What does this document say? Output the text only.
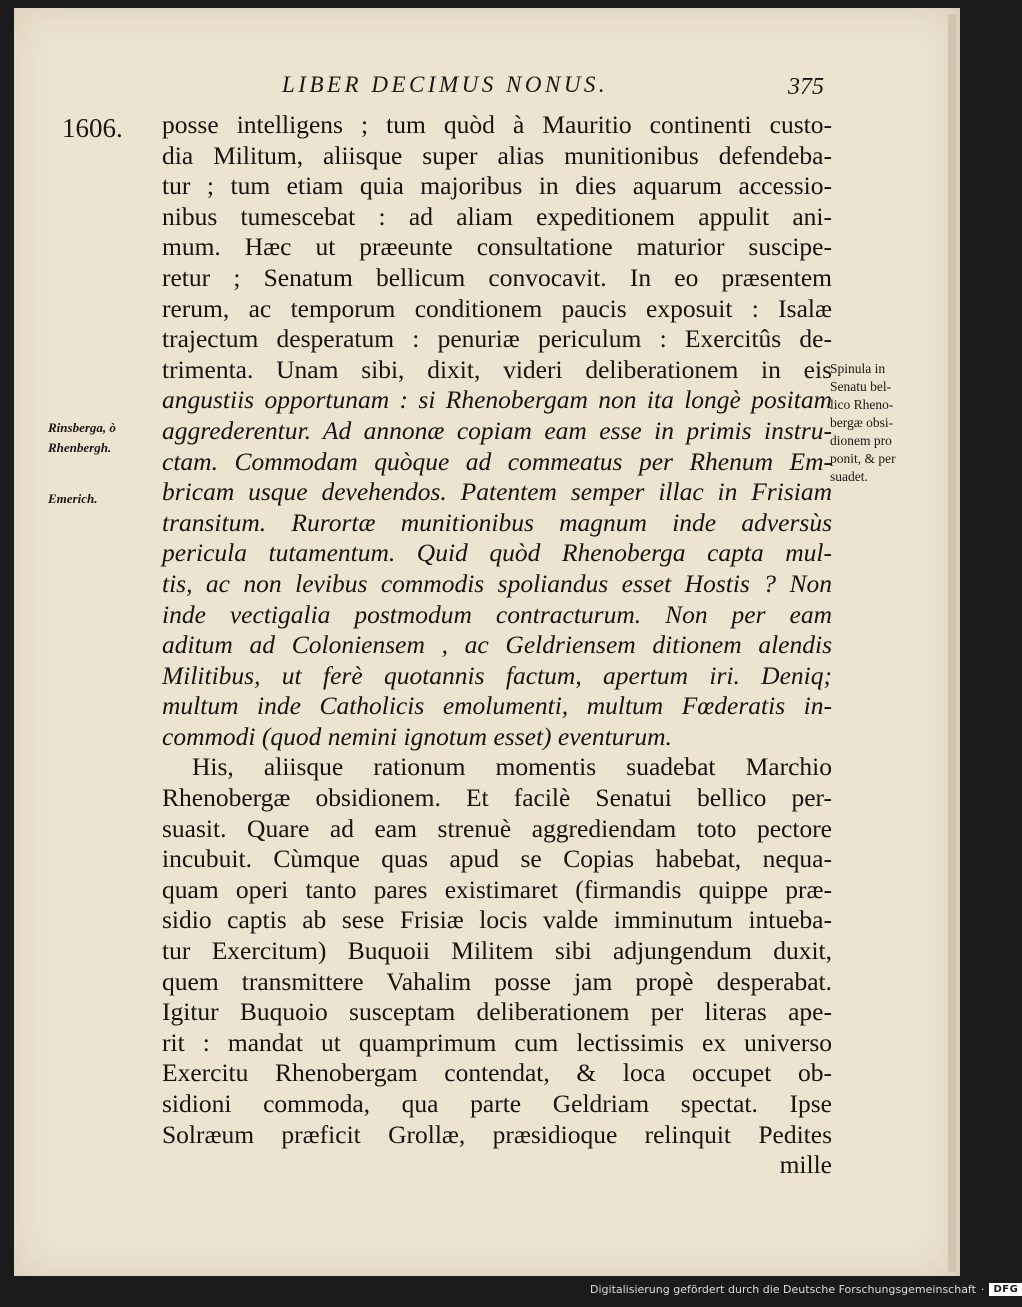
LIBER DECIMUS NONUS.	375
1606. posse intelligens ; tum quòd à Mauritio continenti custo-
dia Militum, aliisque super alias munitionibus defendeba-
tur ; tum etiam quia majoribus in dies aquarum accessio-
nibus tumescebat : ad aliam expeditionem appulit ani-
mum. Hæc ut præeunte consultatione maturior suscipe-
retur ; Senatum bellicum convocavit. In eo præsentem
rerum, ac temporum conditionem paucis exposuit : Isalæ
trajectum desperatum : penuriæ periculum : Exercitûs de-
trimenta. Unam sibi, dixit, videri deliberationem in eis
angustiis opportunam : si Rhenobergam non ita longè positam
aggrederentur. Ad annonæ copiam eam esse in primis instru-
ctam. Commodam quòque ad commeatus per Rhenum Em-
bricam usque devehendos. Patentem semper illac in Frisiam
transitum. Rurortæ munitionibus magnum inde adversùs
pericula tutamentum. Quid quòd Rhenoberga capta mul-
tis, ac non levibus commodis spoliandus esset Hostis ? Non
inde vectigalia postmodum contracturum. Non per eam
aditum ad Coloniensem , ac Geldriensem ditionem alendis
Militibus, ut ferè quotannis factum, apertum iri. Deniq;
multum inde Catholicis emolumenti, multum Fœderatis in-
commodi (quod nemini ignotum esset) eventurum.
His, aliisque rationum momentis suadebat Marchio
Rhenobergæ obsidionem. Et facilè Senatui bellico per-
suasit. Quare ad eam strenuè aggrediendam toto pectore
incubuit. Cùmque quas apud se Copias habebat, nequa-
quam operi tanto pares existimaret (firmandis quippe præ-
sidio captis ab sese Frisiæ locis valde imminutum intueba-
tur Exercitum) Buquoii Militem sibi adjungendum duxit,
quem transmittere Vahalim posse jam propè desperabat.
Igitur Buquoio susceptam deliberationem per literas ape-
rit : mandat ut quamprimum cum lectissimis ex universo
Exercitu Rhenobergam contendat, & loca occupet ob-
sidioni commoda, qua parte Geldriam spectat. Ipse
Solræum præficit Grollæ, præsidioque relinquit Pedites
mille
Rinsberga, ò
Rhenbergh.
Emerich.
Spinula in
Senatu bel-
lico Rheno-
bergæ obsi-
dionem pro
ponit, & per
suadet.
Digitalisierung gefördert durch die Deutsche Forschungsgemeinschaft · DFG
